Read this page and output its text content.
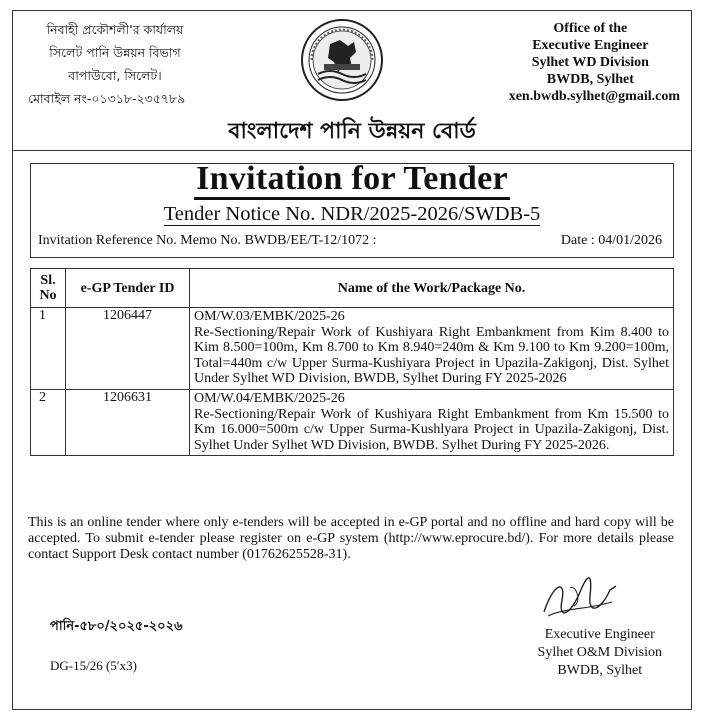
নিবাহী প্রকৌশলী'র কার্যালয়
সিলেট পানি উন্নয়ন বিভাগ
বাপাউবো, সিলেট।
মোবাইল নং-০১৩১৮-২৩৫৭৮৯
Office of the
Executive Engineer
Sylhet WD Division
BWDB, Sylhet
xen.bwdb.sylhet@gmail.com
বাংলাদেশ পানি উন্নয়ন বোর্ড
Invitation for Tender
Tender Notice No. NDR/2025-2026/SWDB-5
Invitation Reference No. Memo No. BWDB/EE/T-12/1072 :	Date : 04/01/2026
Sl. No	e-GP Tender ID	Name of the Work/Package No.
1	1206447	OM/W.03/EMBK/2025-26
Re-Sectioning/Repair Work of Kushiyara Right Embankment from Kim 8.400 to Kim 8.500=100m, Km 8.700 to Km 8.940=240m & Km 9.100 to Km 9.200=100m, Total=440m c/w Upper Surma-Kushiyara Project in Upazila-Zakigonj, Dist. Sylhet Under Sylhet WD Division, BWDB, Sylhet During FY 2025-2026

2	1206631	OM/W.04/EMBK/2025-26
Re-Sectioning/Repair Work of Kushiyara Right Embankment from Km 15.500 to Km 16.000=500m c/w Upper Surma-Kushlyara Project in Upazila-Zakigonj, Dist. Sylhet Under Sylhet WD Division, BWDB. Sylhet During FY 2025-2026.
This is an online tender where only e-tenders will be accepted in e-GP portal and no offline and hard copy will be accepted. To submit e-tender please register on e-GP system (http://www.eprocure.bd/). For more details please contact Support Desk contact number (01762625528-31).
পানি-৫৮০/২০২৫-২০২৬
DG-15/26 (5ʹx3)
Executive Engineer
Sylhet O&M Division
BWDB, Sylhet
